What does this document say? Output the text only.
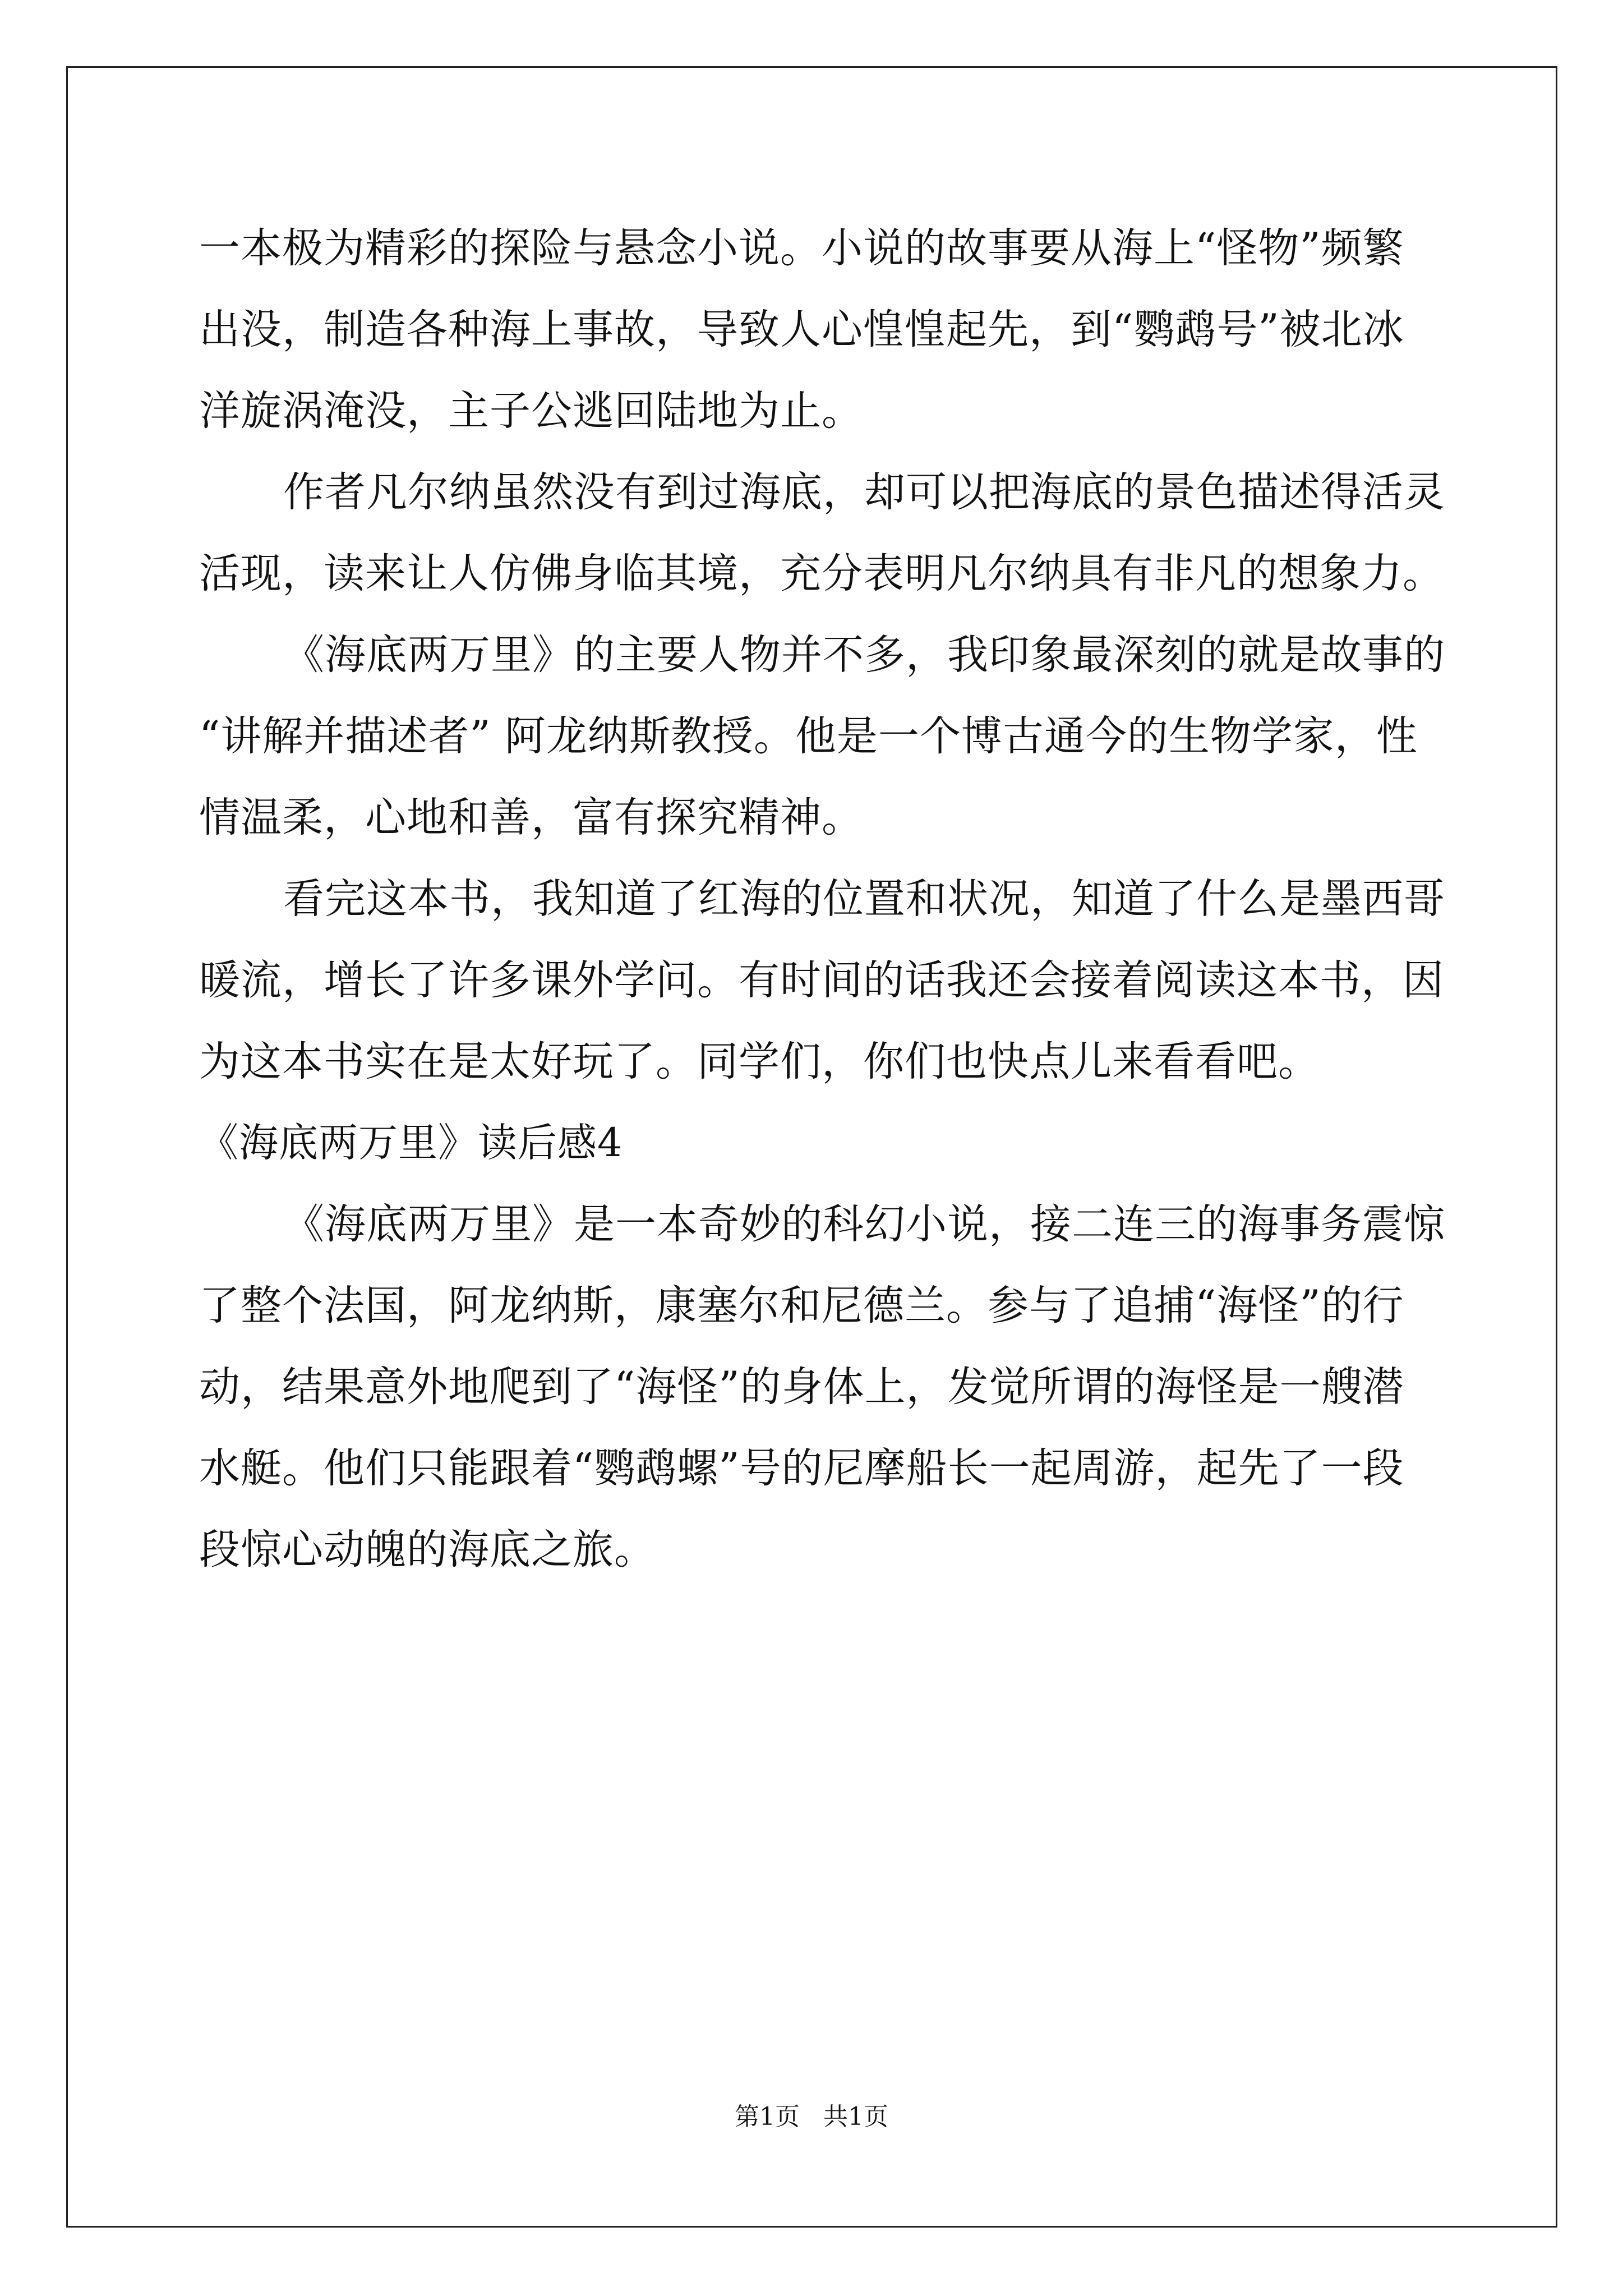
一本极为精彩的探险与悬念小说。小说的故事要从海上“怪物”频繁
出没，制造各种海上事故，导致人心惶惶起先，到“鹦鹉号”被北冰
洋旋涡淹没，主子公逃回陆地为止。
作者凡尔纳虽然没有到过海底，却可以把海底的景色描述得活灵
活现，读来让人仿佛身临其境，充分表明凡尔纳具有非凡的想象力。
《海底两万里》的主要人物并不多，我印象最深刻的就是故事的
“讲解并描述者” 阿龙纳斯教授。他是一个博古通今的生物学家，性
情温柔，心地和善，富有探究精神。
看完这本书，我知道了红海的位置和状况，知道了什么是墨西哥
暖流，增长了许多课外学问。有时间的话我还会接着阅读这本书，因
为这本书实在是太好玩了。同学们，你们也快点儿来看看吧。
《海底两万里》读后感4
《海底两万里》是一本奇妙的科幻小说，接二连三的海事务震惊
了整个法国，阿龙纳斯，康塞尔和尼德兰。参与了追捕“海怪”的行
动，结果意外地爬到了“海怪”的身体上，发觉所谓的海怪是一艘潜
水艇。他们只能跟着“鹦鹉螺”号的尼摩船长一起周游，起先了一段
段惊心动魄的海底之旅。
第1页   共1页
